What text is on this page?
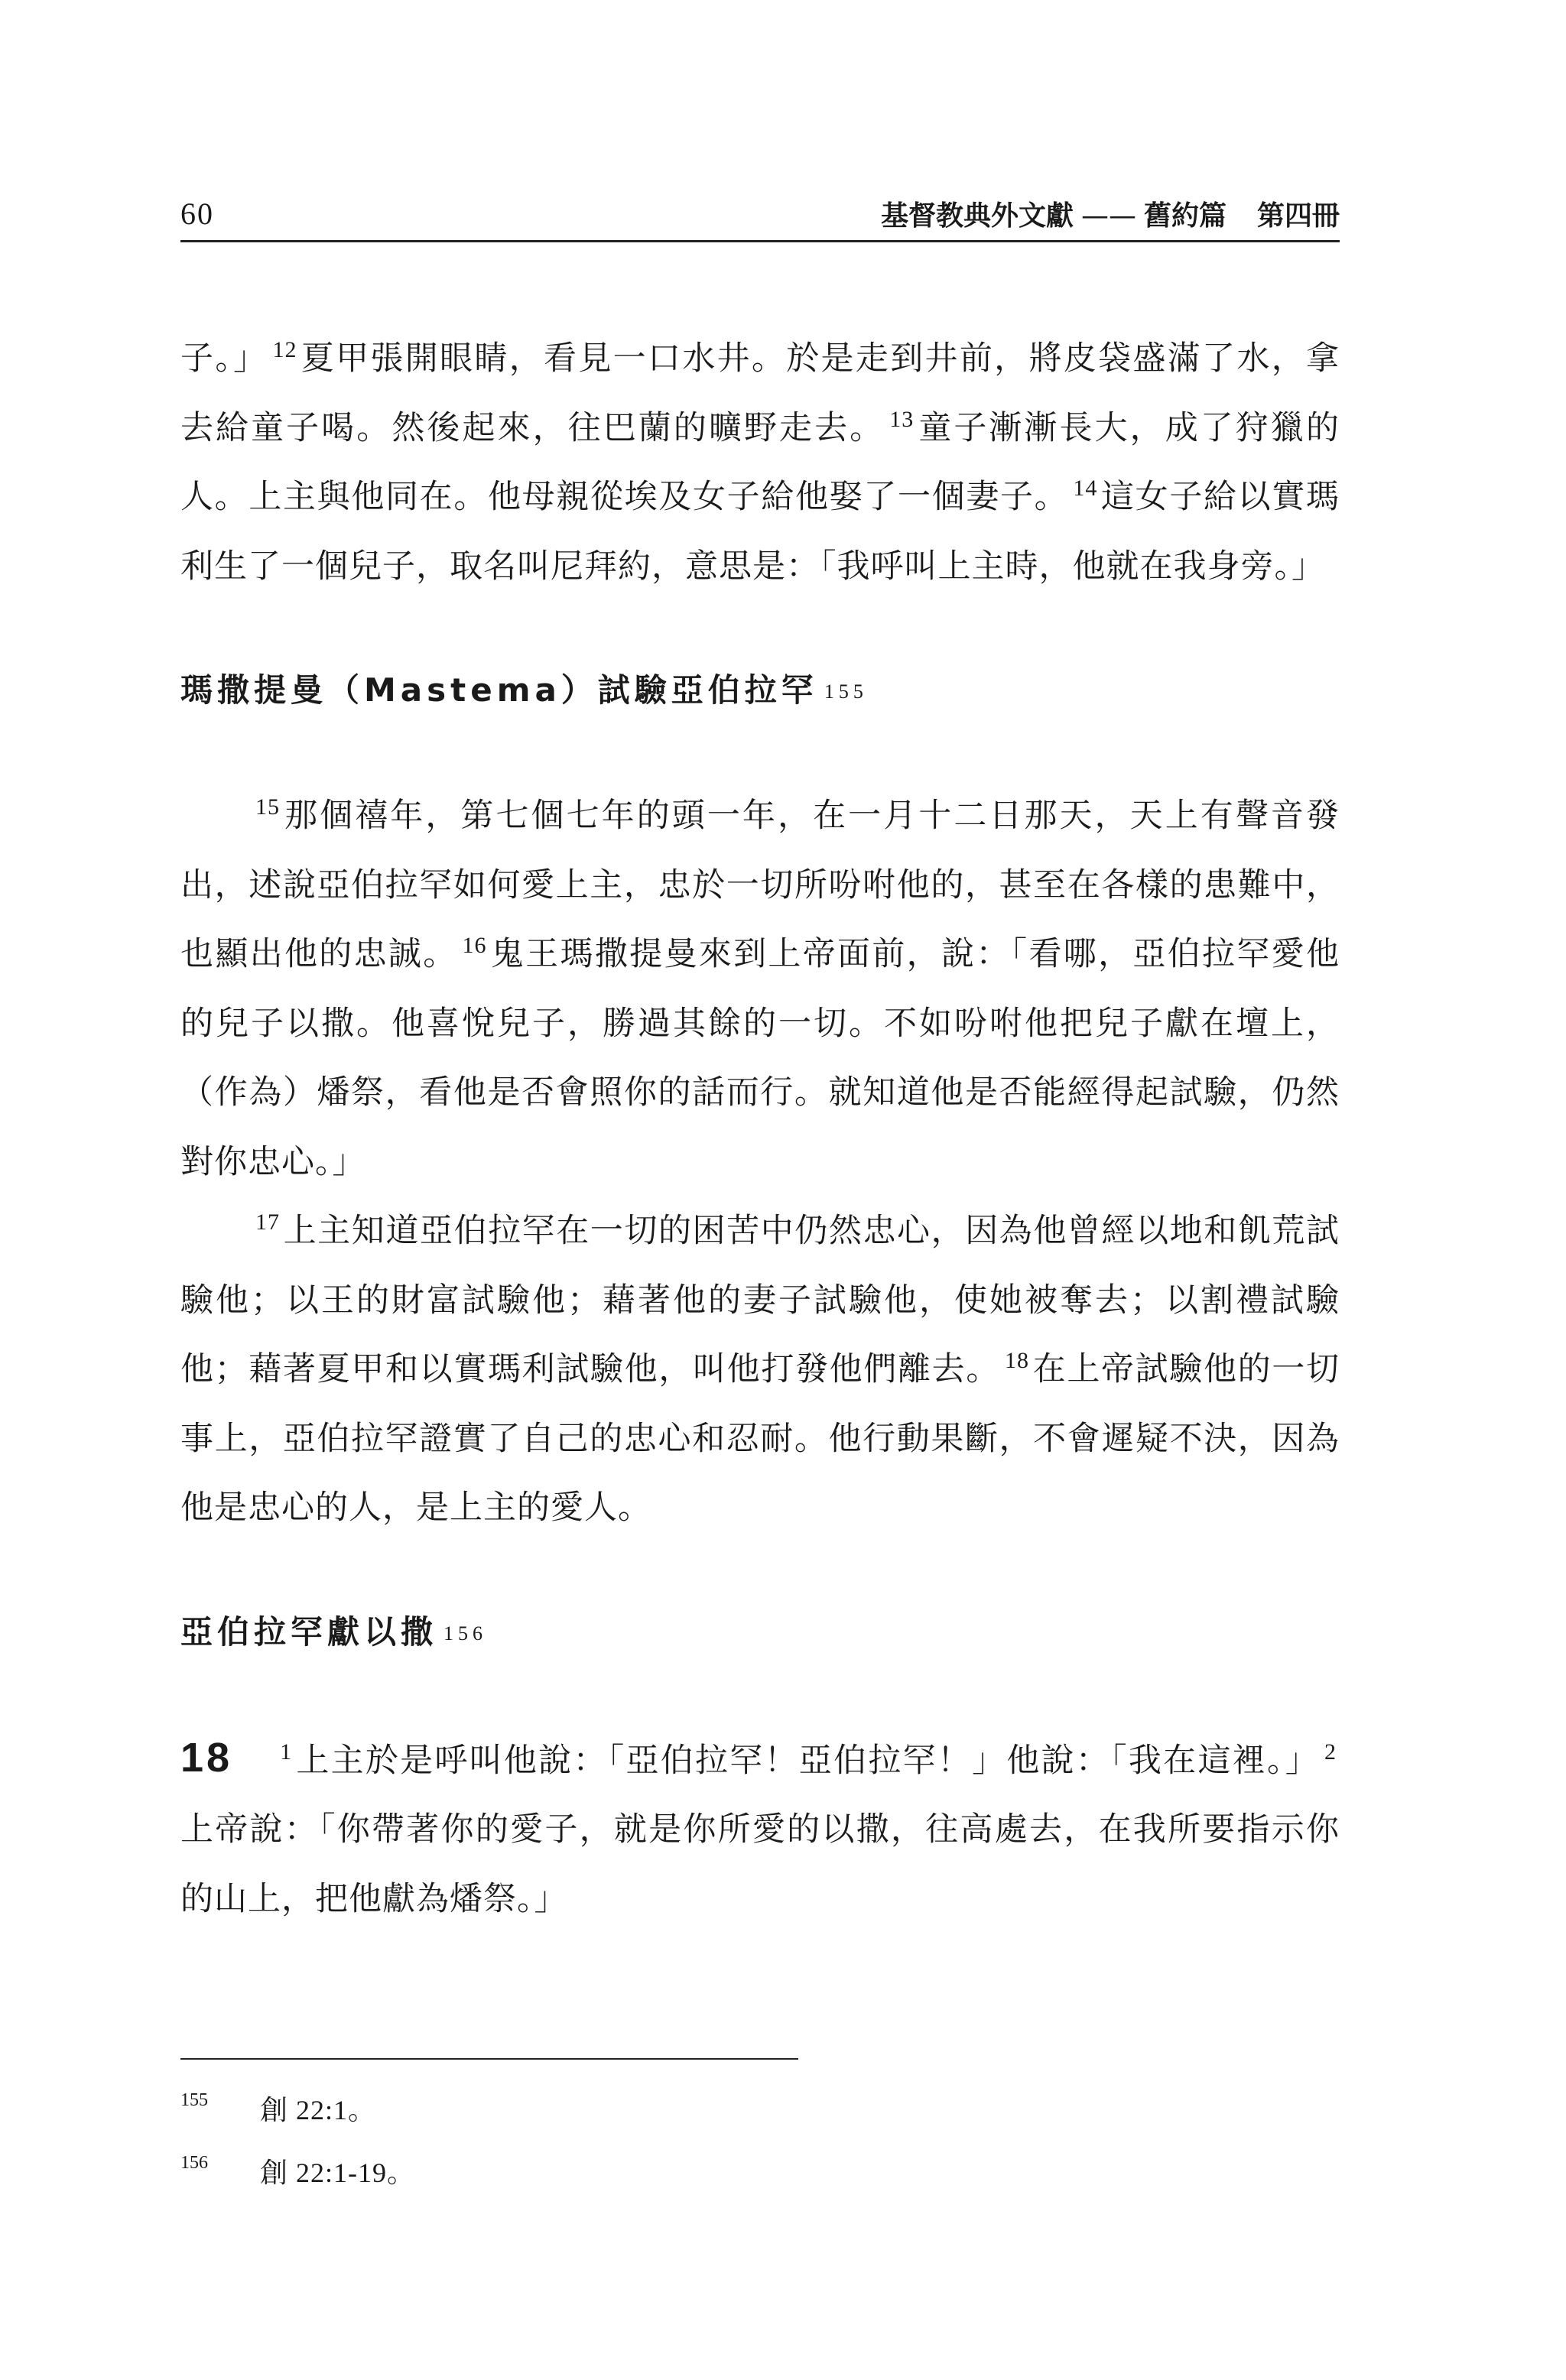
60	基督教典外文獻 —— 舊約篇 第四冊

子。」 $^{12}$夏甲張開眼睛，看見一口水井。於是走到井前，將皮袋盛滿了水，拿去給童子喝。然後起來，往巴蘭的曠野走去。 $^{13}$童子漸漸長大，成了狩獵的人。上主與他同在。他母親從埃及女子給他娶了一個妻子。 $^{14}$這女子給以實瑪利生了一個兒子，取名叫尼拜約，意思是：「我呼叫上主時，他就在我身旁。」

瑪撒提曼（Mastema）試驗亞伯拉罕 $^{155}$

$^{15}$那個禧年，第七個七年的頭一年，在一月十二日那天，天上有聲音發出，述說亞伯拉罕如何愛上主，忠於一切所吩咐他的，甚至在各樣的患難中，也顯出他的忠誠。 $^{16}$鬼王瑪撒提曼來到上帝面前，說：「看哪，亞伯拉罕愛他的兒子以撒。他喜悅兒子，勝過其餘的一切。不如吩咐他把兒子獻在壇上，（作為）燔祭，看他是否會照你的話而行。就知道他是否能經得起試驗，仍然對你忠心。」

$^{17}$上主知道亞伯拉罕在一切的困苦中仍然忠心，因為他曾經以地和飢荒試驗他；以王的財富試驗他；藉著他的妻子試驗他，使她被奪去；以割禮試驗他；藉著夏甲和以實瑪利試驗他，叫他打發他們離去。 $^{18}$在上帝試驗他的一切事上，亞伯拉罕證實了自己的忠心和忍耐。他行動果斷，不會遲疑不決，因為他是忠心的人，是上主的愛人。

亞伯拉罕獻以撒 $^{156}$

18 $^1$上主於是呼叫他說：「亞伯拉罕！亞伯拉罕！」他說：「我在這裡。」 $^2$上帝說：「你帶著你的愛子，就是你所愛的以撒，往高處去，在我所要指示你的山上，把他獻為燔祭。」

155	創 22:1。
156	創 22:1-19。
